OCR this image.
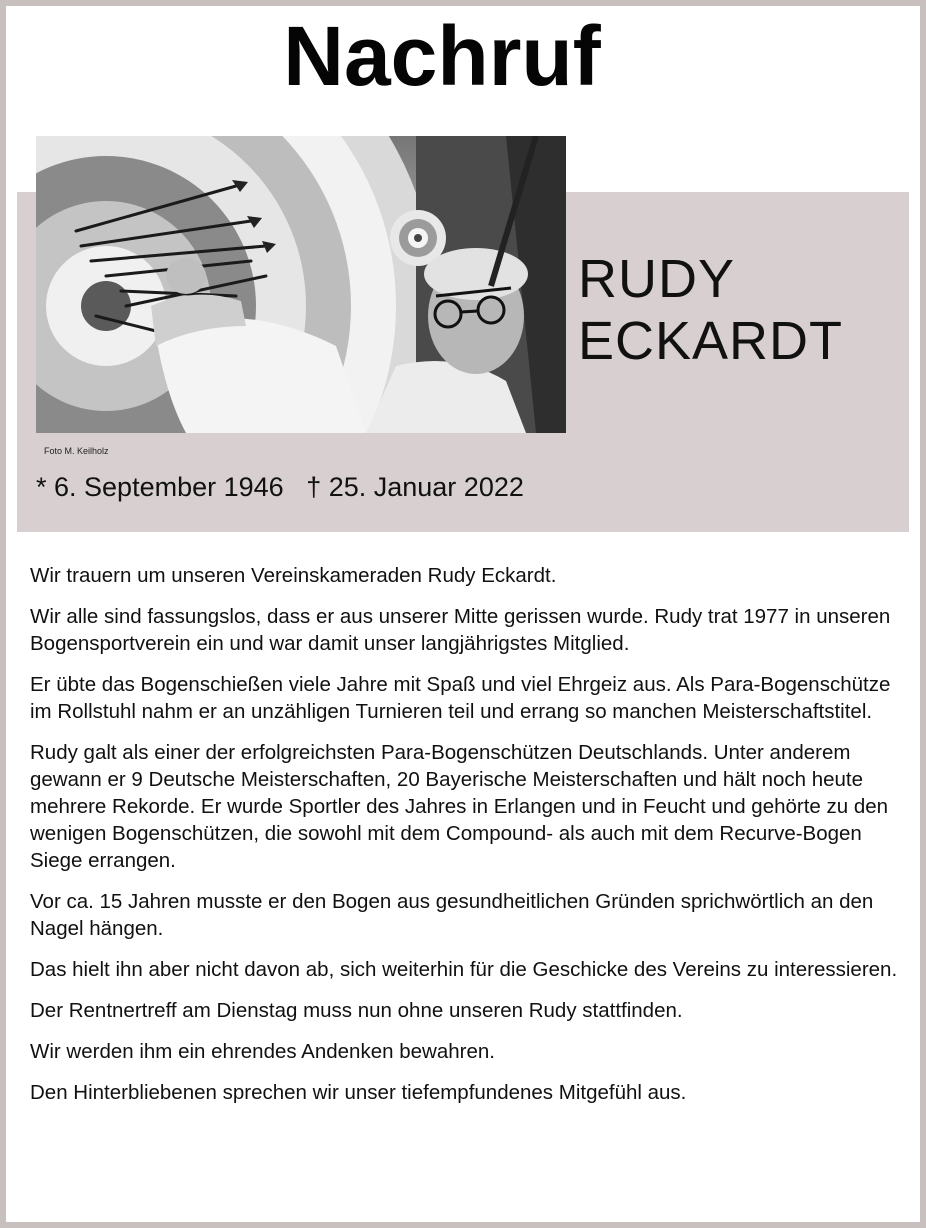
Nachruf
Foto M. Keilholz
RUDY
ECKARDT
* 6. September 1946 † 25. Januar 2022

Wir trauern um unseren Vereinskameraden Rudy Eckardt.

Wir alle sind fassungslos, dass er aus unserer Mitte gerissen wurde. Rudy trat 1977 in unseren Bogensportverein ein und war damit unser langjährigstes Mitglied.

Er übte das Bogenschießen viele Jahre mit Spaß und viel Ehrgeiz aus. Als Para-Bogenschütze im Rollstuhl nahm er an unzähligen Turnieren teil und errang so manchen Meisterschaftstitel.

Rudy galt als einer der erfolgreichsten Para-Bogenschützen Deutschlands. Unter anderem gewann er 9 Deutsche Meisterschaften, 20 Bayerische Meisterschaften und hält noch heute mehrere Rekorde. Er wurde Sportler des Jahres in Erlangen und in Feucht und gehörte zu den wenigen Bogenschützen, die sowohl mit dem Compound- als auch mit dem Recurve-Bogen Siege errangen.

Vor ca. 15 Jahren musste er den Bogen aus gesundheitlichen Gründen sprichwörtlich an den Nagel hängen.

Das hielt ihn aber nicht davon ab, sich weiterhin für die Geschicke des Vereins zu interessieren.

Der Rentnertreff am Dienstag muss nun ohne unseren Rudy stattfinden.

Wir werden ihm ein ehrendes Andenken bewahren.

Den Hinterbliebenen sprechen wir unser tiefempfundenes Mitgefühl aus.
